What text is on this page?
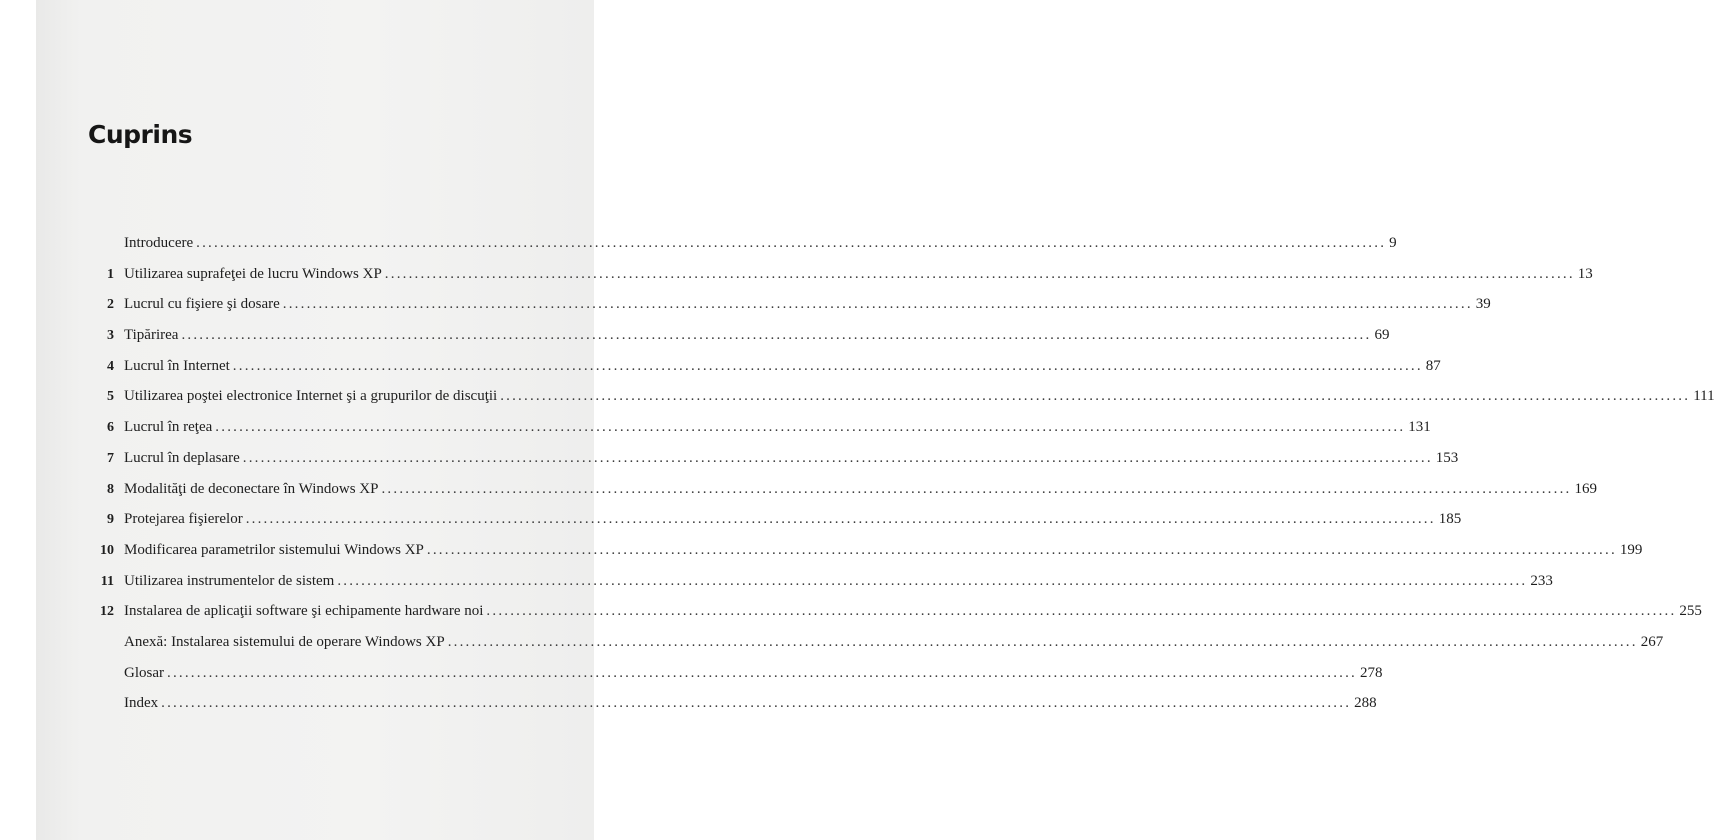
Cuprins
Introducere ........................................................................................................................................................................................................ 9
1 Utilizarea suprafeţei de lucru Windows XP ........................................................................................................................................................................................................ 13
2 Lucrul cu fişiere şi dosare ........................................................................................................................................................................................................ 39
3 Tipărirea ........................................................................................................................................................................................................ 69
4 Lucrul în Internet ........................................................................................................................................................................................................ 87
5 Utilizarea poştei electronice Internet şi a grupurilor de discuţii ........................................................................................................................................................................................................ 111
6 Lucrul în reţea ........................................................................................................................................................................................................ 131
7 Lucrul în deplasare ........................................................................................................................................................................................................ 153
8 Modalităţi de deconectare în Windows XP ........................................................................................................................................................................................................ 169
9 Protejarea fişierelor ........................................................................................................................................................................................................ 185
10 Modificarea parametrilor sistemului Windows XP ........................................................................................................................................................................................................ 199
11 Utilizarea instrumentelor de sistem ........................................................................................................................................................................................................ 233
12 Instalarea de aplicaţii software şi echipamente hardware noi ........................................................................................................................................................................................................ 255
Anexă: Instalarea sistemului de operare Windows XP ........................................................................................................................................................................................................ 267
Glosar ........................................................................................................................................................................................................ 278
Index ........................................................................................................................................................................................................ 288
